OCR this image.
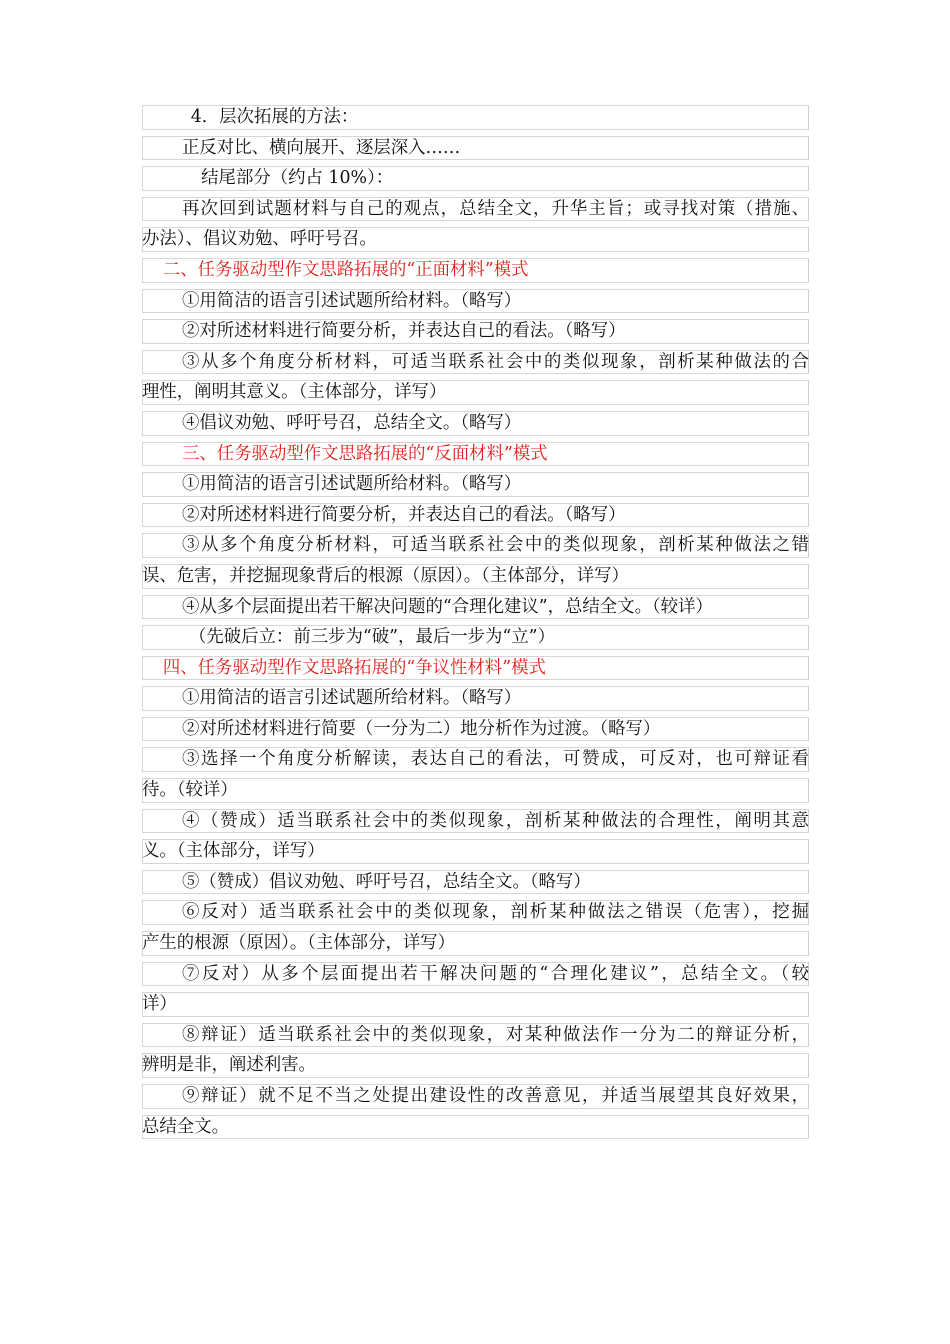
4．层次拓展的方法：
正反对比、横向展开、逐层深入……
结尾部分（约占 10%）：
再次回到试题材料与自己的观点，总结全文，升华主旨；或寻找对策（措施、
办法）、倡议劝勉、呼吁号召。
二、任务驱动型作文思路拓展的“正面材料”模式
①用简洁的语言引述试题所给材料。（略写）
②对所述材料进行简要分析，并表达自己的看法。（略写）
③从多个角度分析材料，可适当联系社会中的类似现象，剖析某种做法的合
理性，阐明其意义。（主体部分，详写）
④倡议劝勉、呼吁号召，总结全文。（略写）
三、任务驱动型作文思路拓展的“反面材料”模式
①用简洁的语言引述试题所给材料。（略写）
②对所述材料进行简要分析，并表达自己的看法。（略写）
③从多个角度分析材料，可适当联系社会中的类似现象，剖析某种做法之错
误、危害，并挖掘现象背后的根源（原因）。（主体部分，详写）
④从多个层面提出若干解决问题的“合理化建议”，总结全文。（较详）
（先破后立：前三步为“破”，最后一步为“立”）
四、任务驱动型作文思路拓展的“争议性材料”模式
①用简洁的语言引述试题所给材料。（略写）
②对所述材料进行简要（一分为二）地分析作为过渡。（略写）
③选择一个角度分析解读，表达自己的看法，可赞成，可反对，也可辩证看
待。（较详）
④（赞成）适当联系社会中的类似现象，剖析某种做法的合理性，阐明其意
义。（主体部分，详写）
⑤（赞成）倡议劝勉、呼吁号召，总结全文。（略写）
⑥反对）适当联系社会中的类似现象，剖析某种做法之错误（危害），挖掘
产生的根源（原因）。（主体部分，详写）
⑦反对）从多个层面提出若干解决问题的“合理化建议”，总结全文。（较
详）
⑧辩证）适当联系社会中的类似现象，对某种做法作一分为二的辩证分析，
辨明是非，阐述利害。
⑨辩证）就不足不当之处提出建设性的改善意见，并适当展望其良好效果，
总结全文。
